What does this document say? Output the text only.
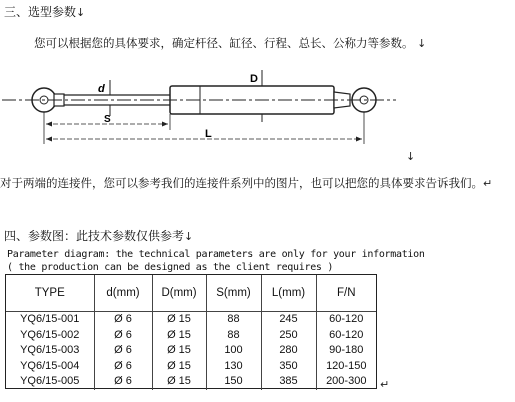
三、选型参数↓
您可以根据您的具体要求，确定杆径、缸径、行程、总长、公称力等参数。 ↓
d
D
S
L
↓
对于两端的连接件，您可以参考我们的连接件系列中的图片，也可以把您的具体要求告诉我们。↵
四、参数图：此技术参数仅供参考↓
Parameter diagram: the technical parameters are only for your information
( the production can be designed as the client requires )
TYPE	d(mm)	D(mm)	S(mm)	L(mm)	F/N
YQ6/15-001	Ø 6	Ø 15	88	245	60-120
YQ6/15-002	Ø 6	Ø 15	88	250	60-120
YQ6/15-003	Ø 6	Ø 15	100	280	90-180
YQ6/15-004	Ø 6	Ø 15	130	350	120-150
YQ6/15-005	Ø 6	Ø 15	150	385	200-300 ↵
